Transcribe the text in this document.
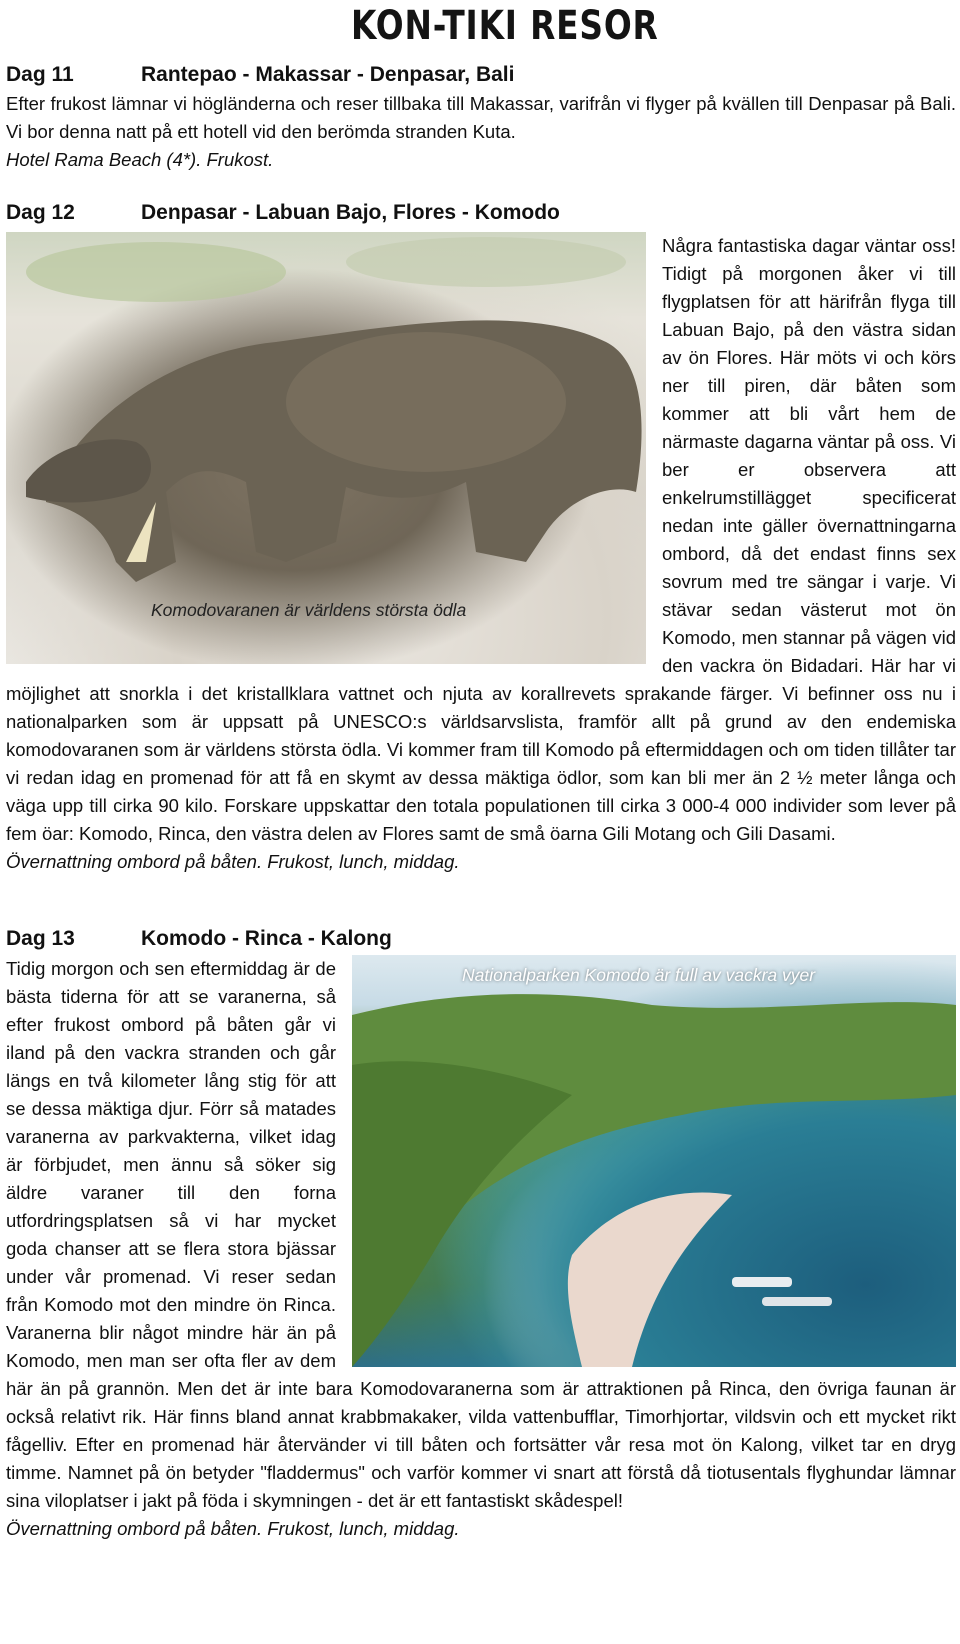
KON-TIKI RESOR
Dag 11	Rantepao - Makassar - Denpasar, Bali

Efter frukost lämnar vi högländerna och reser tillbaka till Makassar, varifrån vi flyger på kvällen till Denpasar på Bali. Vi bor denna natt på ett hotell vid den berömda stranden Kuta.

Hotel Rama Beach (4*). Frukost.

Dag 12	Denpasar - Labuan Bajo, Flores - Komodo
Komodovaranen är världens största ödla

Några fantastiska dagar väntar oss! Tidigt på morgonen åker vi till flygplatsen för att härifrån flyga till Labuan Bajo, på den västra sidan av ön Flores. Här möts vi och körs ner till piren, där båten som kommer att bli vårt hem de närmaste dagarna väntar på oss. Vi ber er observera att enkelrumstillägget specificerat nedan inte gäller övernattningarna ombord, då det endast finns sex sovrum med tre sängar i varje. Vi stävar sedan västerut mot ön Komodo, men stannar på vägen vid den vackra ön Bidadari. Här har vi möjlighet att snorkla i det kristallklara vattnet och njuta av korallrevets sprakande färger. Vi befinner oss nu i nationalparken som är uppsatt på UNESCO:s världsarvslista, framför allt på grund av den endemiska komodovaranen som är världens största ödla. Vi kommer fram till Komodo på eftermiddagen och om tiden tillåter tar vi redan idag en promenad för att få en skymt av dessa mäktiga ödlor, som kan bli mer än 2 ½ meter långa och väga upp till cirka 90 kilo. Forskare uppskattar den totala populationen till cirka 3 000-4 000 individer som lever på fem öar: Komodo, Rinca, den västra delen av Flores samt de små öarna Gili Motang och Gili Dasami.

Övernattning ombord på båten. Frukost, lunch, middag.

Dag 13	Komodo - Rinca - Kalong
Nationalparken Komodo är full av vackra vyer

Tidig morgon och sen eftermiddag är de bästa tiderna för att se varanerna, så efter frukost ombord på båten går vi iland på den vackra stranden och går längs en två kilometer lång stig för att se dessa mäktiga djur. Förr så matades varanerna av parkvakterna, vilket idag är förbjudet, men ännu så söker sig äldre varaner till den forna utfordringsplatsen så vi har mycket goda chanser att se flera stora bjässar under vår promenad. Vi reser sedan från Komodo mot den mindre ön Rinca. Varanerna blir något mindre här än på Komodo, men man ser ofta fler av dem här än på grannön. Men det är inte bara Komodovaranerna som är attraktionen på Rinca, den övriga faunan är också relativt rik. Här finns bland annat krabbmakaker, vilda vattenbufflar, Timorhjortar, vildsvin och ett mycket rikt fågelliv. Efter en promenad här återvänder vi till båten och fortsätter vår resa mot ön Kalong, vilket tar en dryg timme. Namnet på ön betyder "fladdermus" och varför kommer vi snart att förstå då tiotusentals flyghundar lämnar sina viloplatser i jakt på föda i skymningen - det är ett fantastiskt skådespel!

Övernattning ombord på båten. Frukost, lunch, middag.
